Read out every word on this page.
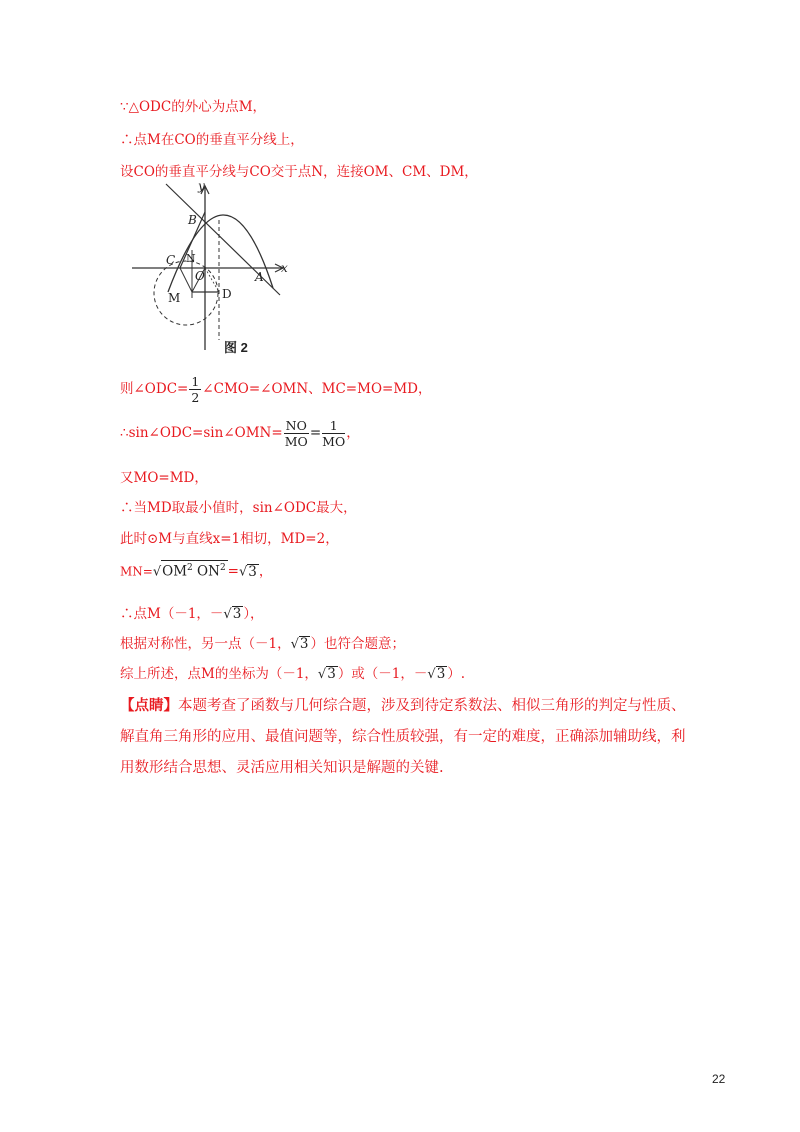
∵△ODC的外心为点M，
∴点M在CO的垂直平分线上，
设CO的垂直平分线与CO交于点N，连接OM、CM、DM，
y
x
B
C N
O	A
M	D
图 2
则∠ODC= $\frac{1}{2}$ ∠CMO=∠OMN、MC=MO=MD，
∴sin∠ODC=sin∠OMN= $\frac{NO}{MO} = \frac{1}{MO}$ ，
又MO=MD，
∴当MD取最小值时，sin∠ODC最大，
此时⊙M与直线x=1相切，MD=2，
$MN=√OM^2$ $ON^2 =√3$ ，
∴点M（－1，－√3 ），
根据对称性，另一点（－1，√3 ）也符合题意；
综上所述，点M的坐标为（－1，√3 ）或（－1，－√3 ）.
【点睛】本题考查了函数与几何综合题，涉及到待定系数法、相似三角形的判定与性质、解直角三角形的应用、最值问题等，综合性质较强，有一定的难度，正确添加辅助线，利用数形结合思想、灵活应用相关知识是解题的关键.
22
